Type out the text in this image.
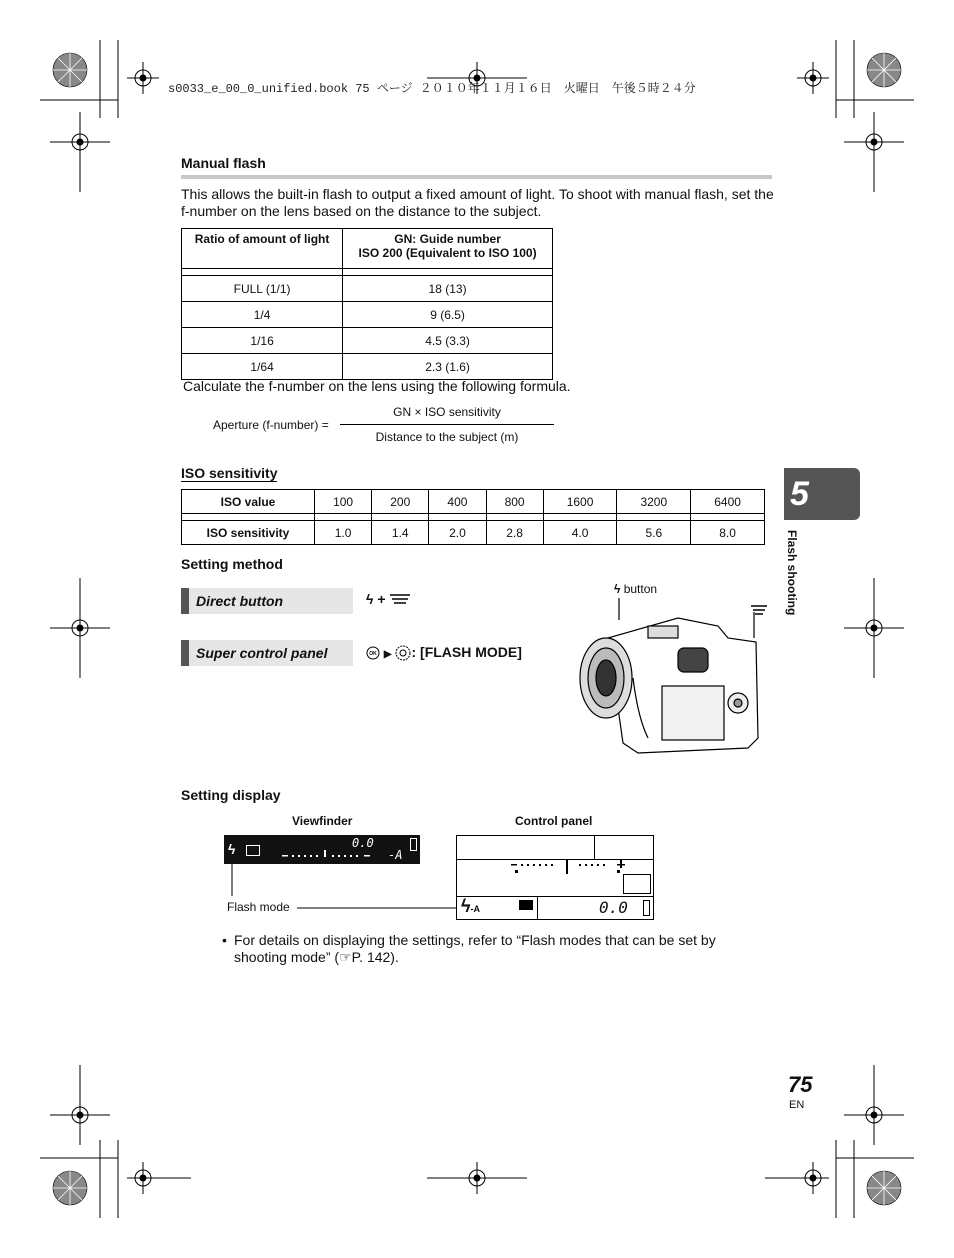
s0033_e_00_0_unified.book 75 ページ ２０１０年１１月１６日　火曜日　午後５時２４分
Manual flash
This allows the built-in flash to output a fixed amount of light. To shoot with manual flash, set the f-number on the lens based on the distance to the subject.
Ratio of amount of light	GN: Guide number
ISO 200 (Equivalent to ISO 100)

FULL (1/1)	18 (13)
1/4	9 (6.5)
1/16	4.5 (3.3)
1/64	2.3 (1.6)
Calculate the f-number on the lens using the following formula.
Aperture (f-number) =
GN × ISO sensitivity
Distance to the subject (m)
ISO sensitivity
ISO value	100	200	400	800	1600	3200	6400

ISO sensitivity	1.0	1.4	2.0	2.8	4.0	5.6	8.0
5
Flash shooting
Setting method
Direct button	ϟ +
Super control panel	OK ▶ : [FLASH MODE]
ϟ button
Setting display
Viewfinder	Control panel
ϟ	0.0
-A
ϟ-A	0.0
Flash mode
• For details on displaying the settings, refer to “Flash modes that can be set by shooting mode” (☞P. 142).
75
EN
